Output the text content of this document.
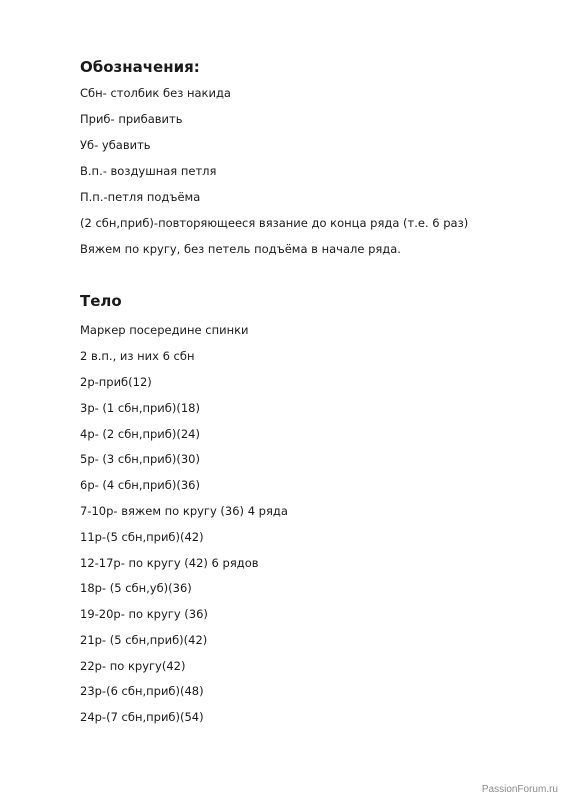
Обозначения:

Сбн- столбик без накида

Приб- прибавить

Уб- убавить

В.п.- воздушная петля

П.п.-петля подъёма

(2 сбн,приб)-повторяющееся вязание до конца ряда (т.е. 6 раз)

Вяжем по кругу, без петель подъёма в начале ряда.

Тело

Маркер посередине спинки

2 в.п., из них 6 сбн

2р-приб(12)

3р- (1 сбн,приб)(18)

4р- (2 сбн,приб)(24)

5р- (3 сбн,приб)(30)

6р- (4 сбн,приб)(36)

7-10р- вяжем по кругу (36) 4 ряда

11р-(5 сбн,приб)(42)

12-17р- по кругу (42) 6 рядов

18р- (5 сбн,уб)(36)

19-20р- по кругу (36)

21р- (5 сбн,приб)(42)

22р- по кругу(42)

23р-(6 сбн,приб)(48)

24р-(7 сбн,приб)(54)

PassionForum.ru
